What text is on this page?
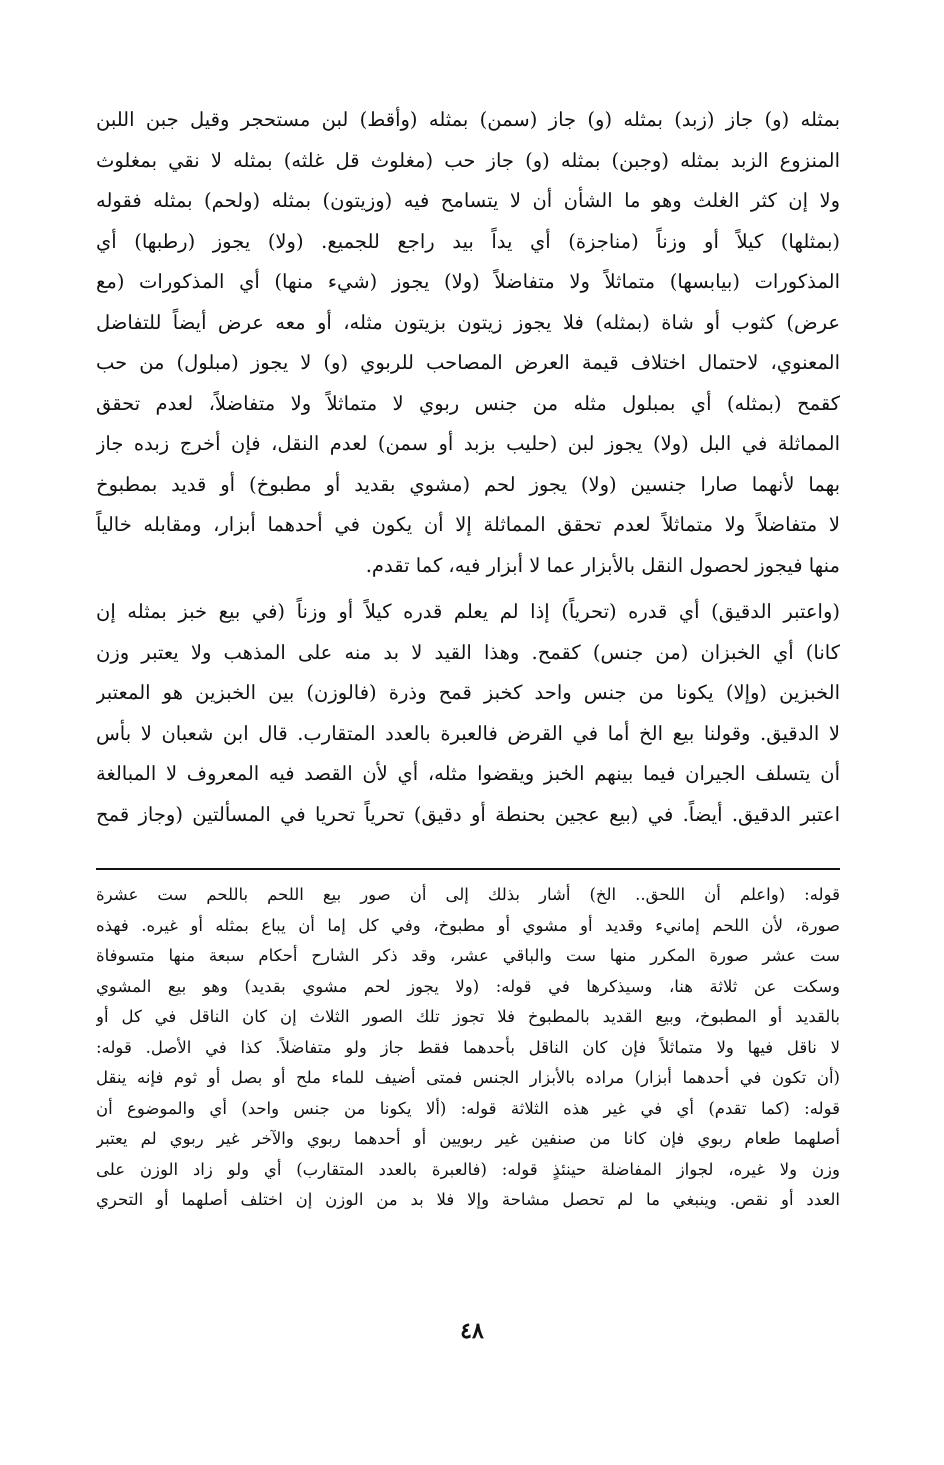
بمثله (و) جاز (زبد) بمثله (و) جاز (سمن) بمثله (وأقط) لبن مستحجر وقيل جبن اللبن
المنزوع الزبد بمثله (وجبن) بمثله (و) جاز حب (مغلوث قل غلثه) بمثله لا نقي بمغلوث
ولا إن كثر الغلث وهو ما الشأن أن لا يتسامح فيه (وزيتون) بمثله (ولحم) بمثله فقوله
(بمثلها) كيلاً أو وزناً (مناجزة) أي يداً بيد راجع للجميع. (ولا) يجوز (رطبها) أي
المذكورات (بيابسها) متماثلاً ولا متفاضلاً (ولا) يجوز (شيء منها) أي المذكورات (مع
عرض) كثوب أو شاة (بمثله) فلا يجوز زيتون بزيتون مثله، أو معه عرض أيضاً للتفاضل
المعنوي، لاحتمال اختلاف قيمة العرض المصاحب للربوي (و) لا يجوز (مبلول) من حب
كقمح (بمثله) أي بمبلول مثله من جنس ربوي لا متماثلاً ولا متفاضلاً، لعدم تحقق
المماثلة في البل (ولا) يجوز لبن (حليب بزبد أو سمن) لعدم النقل، فإن أخرج زبده جاز
بهما لأنهما صارا جنسين (ولا) يجوز لحم (مشوي بقديد أو مطبوخ) أو قديد بمطبوخ
لا متفاضلاً ولا متماثلاً لعدم تحقق المماثلة إلا أن يكون في أحدهما أبزار، ومقابله خالياً
منها فيجوز لحصول النقل بالأبزار عما لا أبزار فيه، كما تقدم.

(واعتبر الدقيق) أي قدره (تحرياً) إذا لم يعلم قدره كيلاً أو وزناً (في بيع خبز بمثله إن
كانا) أي الخبزان (من جنس) كقمح. وهذا القيد لا بد منه على المذهب ولا يعتبر وزن
الخبزين (وإلا) يكونا من جنس واحد كخبز قمح وذرة (فالوزن) بين الخبزين هو المعتبر
لا الدقيق. وقولنا بيع الخ أما في القرض فالعبرة بالعدد المتقارب. قال ابن شعبان لا بأس
أن يتسلف الجيران فيما بينهم الخبز ويقضوا مثله، أي لأن القصد فيه المعروف لا المبالغة
اعتبر الدقيق. أيضاً. في (بيع عجين بحنطة أو دقيق) تحرياً تحريا في المسألتين (وجاز قمح

قوله: (واعلم أن اللحق.. الخ) أشار بذلك إلى أن صور بيع اللحم باللحم ست عشرة
صورة، لأن اللحم إمانيء وقديد أو مشوي أو مطبوخ، وفي كل إما أن يباع بمثله أو غيره. فهذه
ست عشر صورة المكرر منها ست والباقي عشر، وقد ذكر الشارح أحكام سبعة منها متسوفاة
وسكت عن ثلاثة هنا، وسيذكرها في قوله: (ولا يجوز لحم مشوي بقديد) وهو بيع المشوي
بالقديد أو المطبوخ، وبيع القديد بالمطبوخ فلا تجوز تلك الصور الثلاث إن كان الناقل في كل أو
لا ناقل فيها ولا متماثلاً فإن كان الناقل بأحدهما فقط جاز ولو متفاضلاً. كذا في الأصل. قوله:
(أن تكون في أحدهما أبزار) مراده بالأبزار الجنس فمتى أضيف للماء ملح أو بصل أو ثوم فإنه ينقل
قوله: (كما تقدم) أي في غير هذه الثلاثة قوله: (ألا يكونا من جنس واحد) أي والموضوع أن
أصلهما طعام ربوي فإن كانا من صنفين غير ربويين أو أحدهما ربوي والآخر غير ربوي لم يعتبر
وزن ولا غيره، لجواز المفاضلة حينئذٍ قوله: (فالعبرة بالعدد المتقارب) أي ولو زاد الوزن على
العدد أو نقص. وينبغي ما لم تحصل مشاحة وإلا فلا بد من الوزن إن اختلف أصلهما أو التحري
٤٨
